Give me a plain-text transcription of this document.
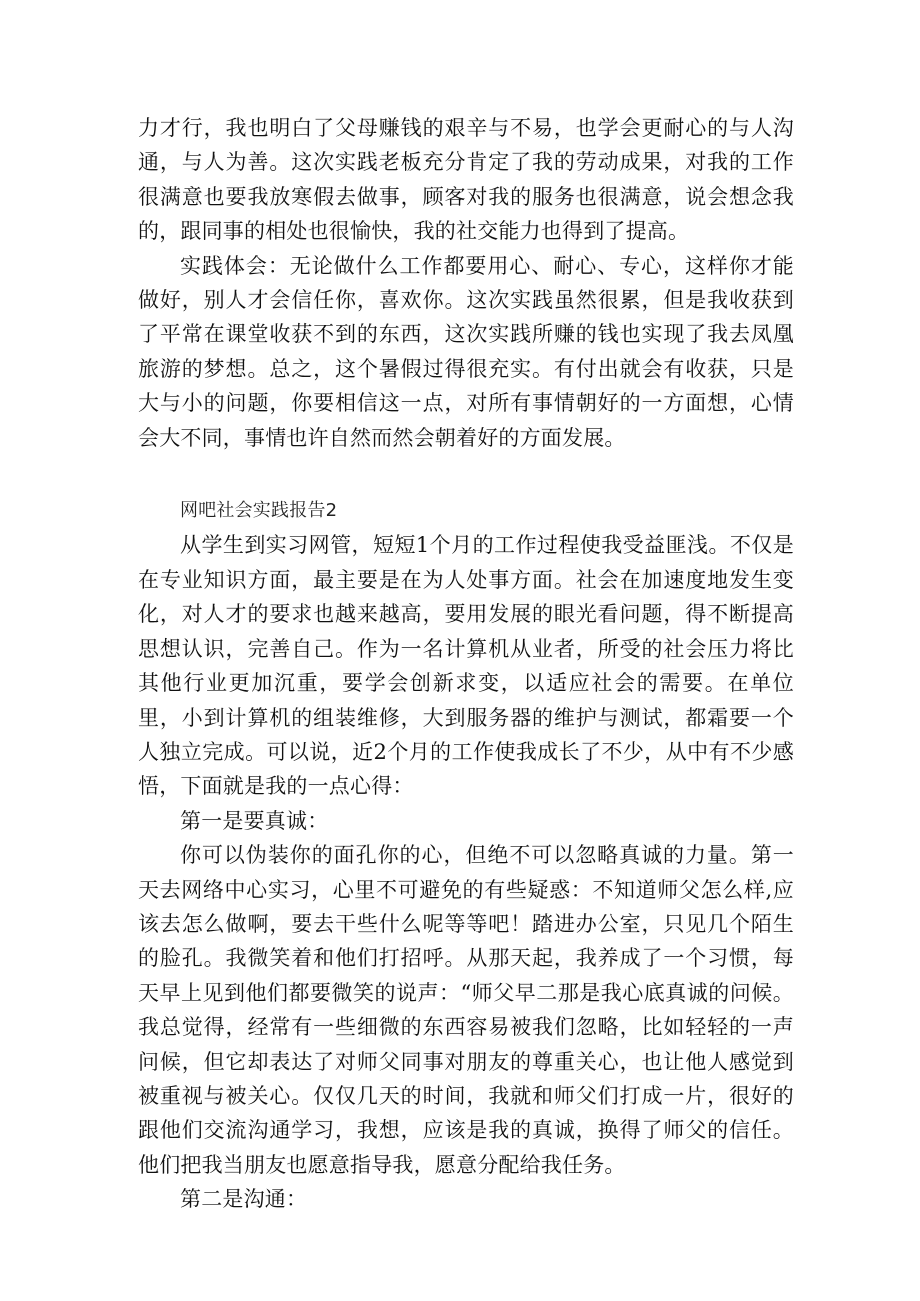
力才行，我也明白了父母赚钱的艰辛与不易，也学会更耐心的与人沟通，与人为善。这次实践老板充分肯定了我的劳动成果，对我的工作很满意也要我放寒假去做事，顾客对我的服务也很满意，说会想念我的，跟同事的相处也很愉快，我的社交能力也得到了提高。

实践体会：无论做什么工作都要用心、耐心、专心，这样你才能做好，别人才会信任你，喜欢你。这次实践虽然很累，但是我收获到了平常在课堂收获不到的东西，这次实践所赚的钱也实现了我去凤凰旅游的梦想。总之，这个暑假过得很充实。有付出就会有收获，只是大与小的问题，你要相信这一点，对所有事情朝好的一方面想，心情会大不同，事情也许自然而然会朝着好的方面发展。

网吧社会实践报告2

从学生到实习网管，短短1个月的工作过程使我受益匪浅。不仅是在专业知识方面，最主要是在为人处事方面。社会在加速度地发生变化，对人才的要求也越来越高，要用发展的眼光看问题，得不断提高思想认识，完善自己。作为一名计算机从业者，所受的社会压力将比其他行业更加沉重，要学会创新求变，以适应社会的需要。在单位里，小到计算机的组装维修，大到服务器的维护与测试，都霜要一个人独立完成。可以说，近2个月的工作使我成长了不少，从中有不少感悟，下面就是我的一点心得：

第一是要真诚：

你可以伪装你的面孔你的心，但绝不可以忽略真诚的力量。第一天去网络中心实习，心里不可避免的有些疑惑：不知道师父怎么样,应该去怎么做啊，要去干些什么呢等等吧！踏进办公室，只见几个陌生的脸孔。我微笑着和他们打招呼。从那天起，我养成了一个习惯，每天早上见到他们都要微笑的说声：“师父早二那是我心底真诚的问候。我总觉得，经常有一些细微的东西容易被我们忽略，比如轻轻的一声问候，但它却表达了对师父同事对朋友的尊重关心，也让他人感觉到被重视与被关心。仅仅几天的时间，我就和师父们打成一片，很好的跟他们交流沟通学习，我想，应该是我的真诚，换得了师父的信任。他们把我当朋友也愿意指导我，愿意分配给我任务。

第二是沟通：
